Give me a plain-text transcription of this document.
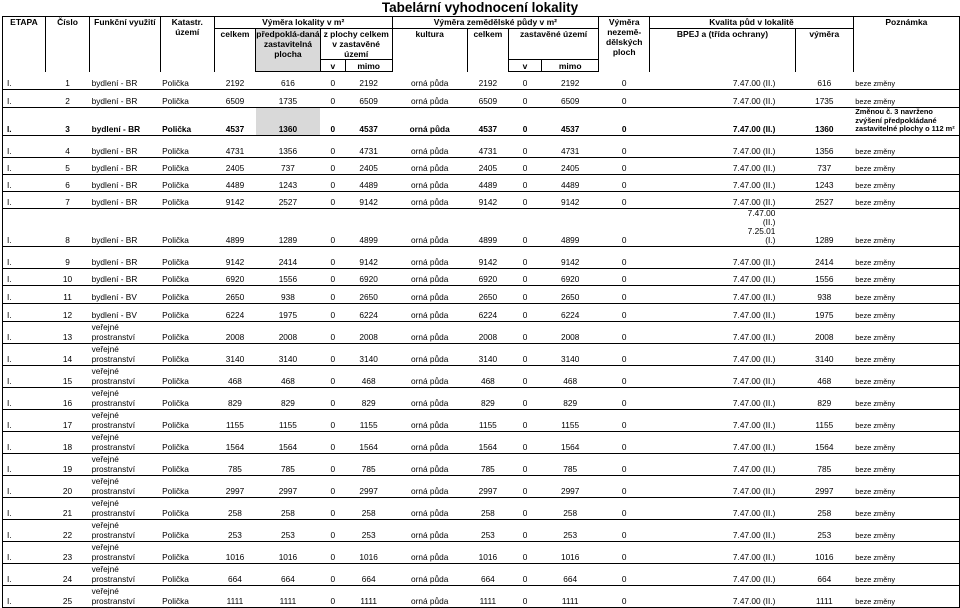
Tabelární vyhodnocení lokality
ETAPA	Číslo	Funkční využití	Katastr. území	Výměra lokality v m²				Výměra zemědělské půdy v m²				Výměra nezemě-dělských ploch	Kvalita půd v lokalitě		Poznámka
				celkem	předpoklá-daná zastavitelná plocha	z plochy celkem v zastavěné území		kultura	celkem	zastavěné území			BPEJ a (třída ochrany)	výměra	
						v	mimo			v	mimo				
I.	1	bydlení - BR	Polička	2192	616	0	2192	orná půda	2192	0	2192	0	7.47.00 (II.)	616	beze změny
I.	2	bydlení - BR	Polička	6509	1735	0	6509	orná půda	6509	0	6509	0	7.47.00 (II.)	1735	beze změny
I.	3	bydlení - BR	Polička	4537	1360	0	4537	orná půda	4537	0	4537	0	7.47.00 (II.)	1360	Změnou č. 3 navrženo zvýšení předpokládané zastavitelné plochy o 112 m²
I.	4	bydlení - BR	Polička	4731	1356	0	4731	orná půda	4731	0	4731	0	7.47.00 (II.)	1356	beze změny
I.	5	bydlení - BR	Polička	2405	737	0	2405	orná půda	2405	0	2405	0	7.47.00 (II.)	737	beze změny
I.	6	bydlení - BR	Polička	4489	1243	0	4489	orná půda	4489	0	4489	0	7.47.00 (II.)	1243	beze změny
I.	7	bydlení - BR	Polička	9142	2527	0	9142	orná půda	9142	0	9142	0	7.47.00 (II.)	2527	beze změny
I.	8	bydlení - BR	Polička	4899	1289	0	4899	orná půda	4899	0	4899	0	7.47.00 (II.) 7.25.01 (I.)	1289	beze změny
I.	9	bydlení - BR	Polička	9142	2414	0	9142	orná půda	9142	0	9142	0	7.47.00 (II.)	2414	beze změny
I.	10	bydlení - BR	Polička	6920	1556	0	6920	orná půda	6920	0	6920	0	7.47.00 (II.)	1556	beze změny
I.	11	bydlení - BV	Polička	2650	938	0	2650	orná půda	2650	0	2650	0	7.47.00 (II.)	938	beze změny
I.	12	bydlení - BV	Polička	6224	1975	0	6224	orná půda	6224	0	6224	0	7.47.00 (II.)	1975	beze změny
I.	13	veřejné prostranství	Polička	2008	2008	0	2008	orná půda	2008	0	2008	0	7.47.00 (II.)	2008	beze změny
I.	14	veřejné prostranství	Polička	3140	3140	0	3140	orná půda	3140	0	3140	0	7.47.00 (II.)	3140	beze změny
I.	15	veřejné prostranství	Polička	468	468	0	468	orná půda	468	0	468	0	7.47.00 (II.)	468	beze změny
I.	16	veřejné prostranství	Polička	829	829	0	829	orná půda	829	0	829	0	7.47.00 (II.)	829	beze změny
I.	17	veřejné prostranství	Polička	1155	1155	0	1155	orná půda	1155	0	1155	0	7.47.00 (II.)	1155	beze změny
I.	18	veřejné prostranství	Polička	1564	1564	0	1564	orná půda	1564	0	1564	0	7.47.00 (II.)	1564	beze změny
I.	19	veřejné prostranství	Polička	785	785	0	785	orná půda	785	0	785	0	7.47.00 (II.)	785	beze změny
I.	20	veřejné prostranství	Polička	2997	2997	0	2997	orná půda	2997	0	2997	0	7.47.00 (II.)	2997	beze změny
I.	21	veřejné prostranství	Polička	258	258	0	258	orná půda	258	0	258	0	7.47.00 (II.)	258	beze změny
I.	22	veřejné prostranství	Polička	253	253	0	253	orná půda	253	0	253	0	7.47.00 (II.)	253	beze změny
I.	23	veřejné prostranství	Polička	1016	1016	0	1016	orná půda	1016	0	1016	0	7.47.00 (II.)	1016	beze změny
I.	24	veřejné prostranství	Polička	664	664	0	664	orná půda	664	0	664	0	7.47.00 (II.)	664	beze změny
I.	25	veřejné prostranství	Polička	1111	1111	0	1111	orná půda	1111	0	1111	0	7.47.00 (II.)	1111	beze změny
